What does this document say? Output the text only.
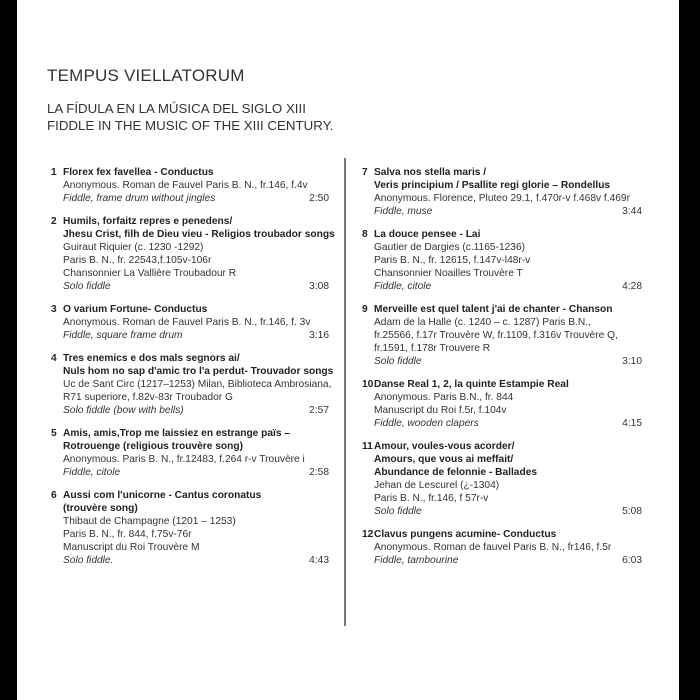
TEMPUS VIELLATORUM
LA FÍDULA EN LA MÚSICA DEL SIGLO XIII
FIDDLE IN THE MUSIC OF THE XIII CENTURY.
1 Florex fex favellea - Conductus
Anonymous. Roman de Fauvel Paris B. N., fr.146, f.4v
Fiddle, frame drum without jingles	2:50
2 Humils, forfaitz repres e penedens/
Jhesu Crist, filh de Dieu vieu - Religios troubador songs
Guiraut Riquier (c. 1230 -1292)
Paris B. N., fr. 22543,f.105v-106r
Chansonnier La Vallière Troubadour R
Solo fiddle	3:08
3 O varium Fortune- Conductus
Anonymous. Roman de Fauvel Paris B. N., fr.146, f. 3v
Fiddle, square frame drum	3:16
4 Tres enemics e dos mals segnors ai/
Nuls hom no sap d'amic tro l'a perdut- Trouvador songs
Uc de Sant Circ (1217–1253) Milan, Biblioteca Ambrosiana,
R71 superiore, f.82v-83r Troubador G
Solo fiddle (bow with bells)	2:57
5 Amis, amis,Trop me laissiez en estrange païs –
Rotrouenge (religious trouvère song)
Anonymous. Paris B. N., fr.12483, f.264 r-v Trouvère i
Fiddle, citole	2:58
6 Aussi com l'unicorne - Cantus coronatus
(trouvère song)
Thibaut de Champagne (1201 – 1253)
Paris B. N., fr. 844, f.75v-76r
Manuscript du Roi Trouvère M
Solo fiddle.	4:43
7 Salva nos stella maris /
Veris principium / Psallite regi glorie – Rondellus
Anonymous. Florence, Pluteo 29.1, f.470r-v f.468v f.469r
Fiddle, muse	3:44
8 La douce pensee - Lai
Gautier de Dargies (c.1165-1236)
Paris B. N., fr. 12615, f.147v-l48r-v
Chansonnier Noailles Trouvère T
Fiddle, citole	4:28
9 Merveille est quel talent j'ai de chanter - Chanson
Adam de la Halle (c. 1240 – c. 1287) Paris B.N.,
fr.25566, f.17r Trouvère W, fr.1109, f.316v Trouvère Q,
fr.1591, f.178r Trouvere R
Solo fiddle	3:10
10 Danse Real 1, 2, la quinte Estampie Real
Anonymous. Paris B.N., fr. 844
Manuscript du Roi f.5r, f.104v
Fiddle, wooden clapers	4:15
11 Amour, voules-vous acorder/
Amours, que vous ai meffait/
Abundance de felonnie - Ballades
Jehan de Lescurel (¿-1304)
Paris B. N., fr.146, f 57r-v
Solo fiddle	5:08
12 Clavus pungens acumine- Conductus
Anonymous. Roman de fauvel Paris B. N., fr146, f.5r
Fiddle, tambourine	6:03
